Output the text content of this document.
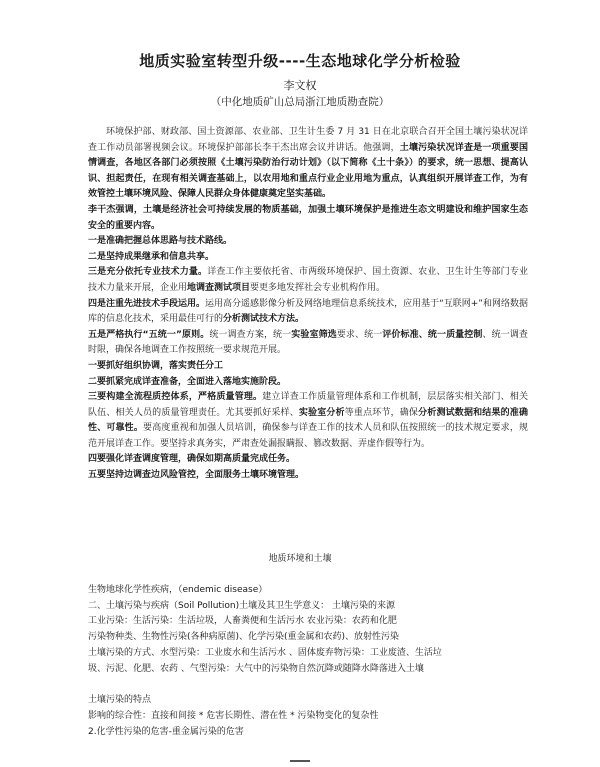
地质实验室转型升级----生态地球化学分析检验
李文权
（中化地质矿山总局浙江地质勘查院）

环境保护部、财政部、国土资源部、农业部、卫生计生委 7 月 31 日在北京联合召开全国土壤污染状况详查工作动员部署视频会议。环境保护部部长李干杰出席会议并讲话。他强调，土壤污染状况详查是一项重要国情调查，各地区各部门必须按照《土壤污染防治行动计划》（以下简称《土十条》）的要求，统一思想、提高认识、担起责任，在现有相关调查基础上，以农用地和重点行业企业用地为重点，认真组织开展详查工作，为有效管控土壤环境风险、保障人民群众身体健康奠定坚实基础。

李干杰强调，土壤是经济社会可持续发展的物质基础，加强土壤环境保护是推进生态文明建设和维护国家生态安全的重要内容。

一是准确把握总体思路与技术路线。

二是坚持成果继承和信息共享。

三是充分依托专业技术力量。详查工作主要依托省、市两级环境保护、国土资源、农业、卫生计生等部门专业技术力量来开展，企业用地调查测试项目要更多地发挥社会专业机构作用。

四是注重先进技术手段运用。运用高分遥感影像分析及网络地理信息系统技术，应用基于“互联网+”和网络数据库的信息化技术，采用最佳可行的分析测试技术方法。

五是严格执行“五统一”原则。统一调查方案，统一实验室筛选要求、统一评价标准、统一质量控制、统一调查时限，确保各地调查工作按照统一要求规范开展。

一要抓好组织协调，落实责任分工

二要抓紧完成详查准备，全面进入落地实施阶段。

三要构建全流程质控体系，严格质量管理。建立详查工作质量管理体系和工作机制，层层落实相关部门、相关队伍、相关人员的质量管理责任。尤其要抓好采样、实验室分析等重点环节，确保分析测试数据和结果的准确性、可靠性。要高度重视和加强人员培训，确保参与详查工作的技术人员和队伍按照统一的技术规定要求，规范开展详查工作。要坚持求真务实，严肃查处漏报瞒报、篡改数据、弄虚作假等行为。

四要强化详查调度管理，确保如期高质量完成任务。

五要坚持边调查边风险管控，全面服务土壤环境管理。

地质环境和土壤

生物地球化学性疾病，（endemic disease）

二、土壤污染与疾病（Soil Pollution)土壤及其卫生学意义： 土壤污染的来源

工业污染：生活污染：生活垃圾，人畜粪便和生活污水 农业污染：农药和化肥

污染物种类、生物性污染(各种病原菌)、化学污染(重金属和农药)、放射性污染

土壤污染的方式、水型污染：工业废水和生活污水 、固体废弃物污染：工业废渣、生活垃

圾、污泥、化肥、农药 、气型污染：大气中的污染物自然沉降或随降水降落进入土壤

土壤污染的特点

影响的综合性：直接和间接 * 危害长期性、潜在性 * 污染物变化的复杂性

2.化学性污染的危害-重金属污染的危害
